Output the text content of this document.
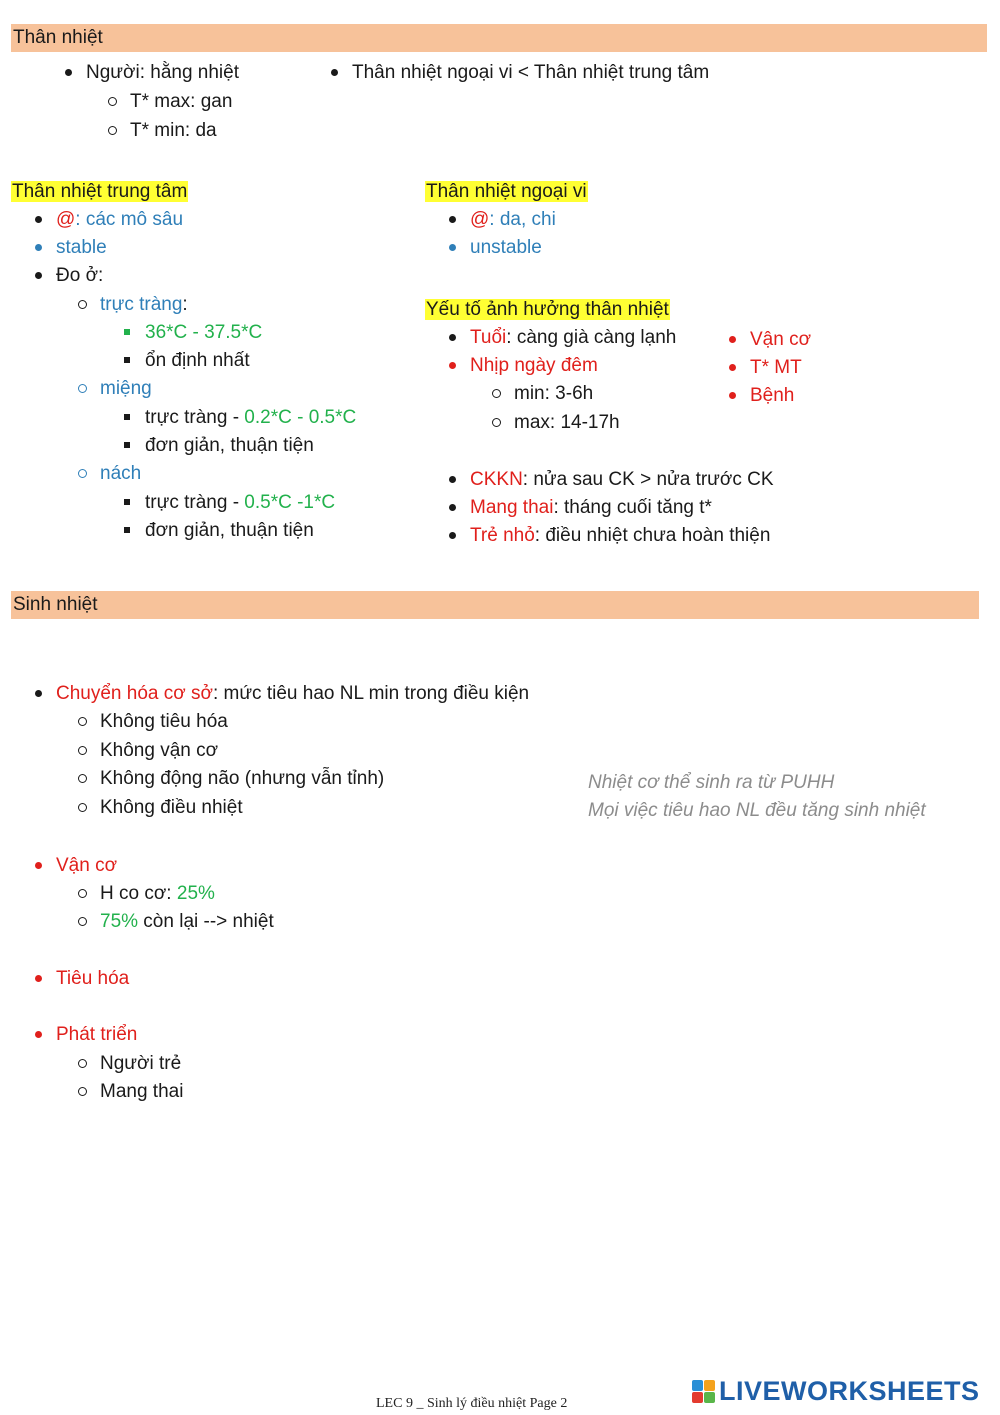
Thân nhiệt
Người: hằng nhiệt
T* max: gan
T* min: da
Thân nhiệt ngoại vi < Thân nhiệt trung tâm
Thân nhiệt trung tâm
@: các mô sâu
stable
Đo ở:
trực tràng:
36*C - 37.5*C
ổn định nhất
miệng
trực tràng - 0.2*C - 0.5*C
đơn giản, thuận tiện
nách
trực tràng - 0.5*C -1*C
đơn giản, thuận tiện
Thân nhiệt ngoại vi
@: da, chi
unstable
Yếu tố ảnh hưởng thân nhiệt
Tuổi: càng già càng lạnh
Nhịp ngày đêm
min: 3-6h
max: 14-17h
Vận cơ
T* MT
Bệnh
CKKN: nửa sau CK > nửa trước CK
Mang thai: tháng cuối tăng t*
Trẻ nhỏ: điều nhiệt chưa hoàn thiện
Sinh nhiệt
Chuyển hóa cơ sở: mức tiêu hao NL min trong điều kiện
Không tiêu hóa
Không vận cơ
Không động não (nhưng vẫn tỉnh)
Không điều nhiệt
Nhiệt cơ thể sinh ra từ PUHH
Mọi việc tiêu hao NL đều tăng sinh nhiệt
Vận cơ
H co cơ: 25%
75% còn lại --> nhiệt
Tiêu hóa
Phát triển
Người trẻ
Mang thai
LEC 9 _ Sinh lý điều nhiệt Page 2	LIVEWORKSHEETS
